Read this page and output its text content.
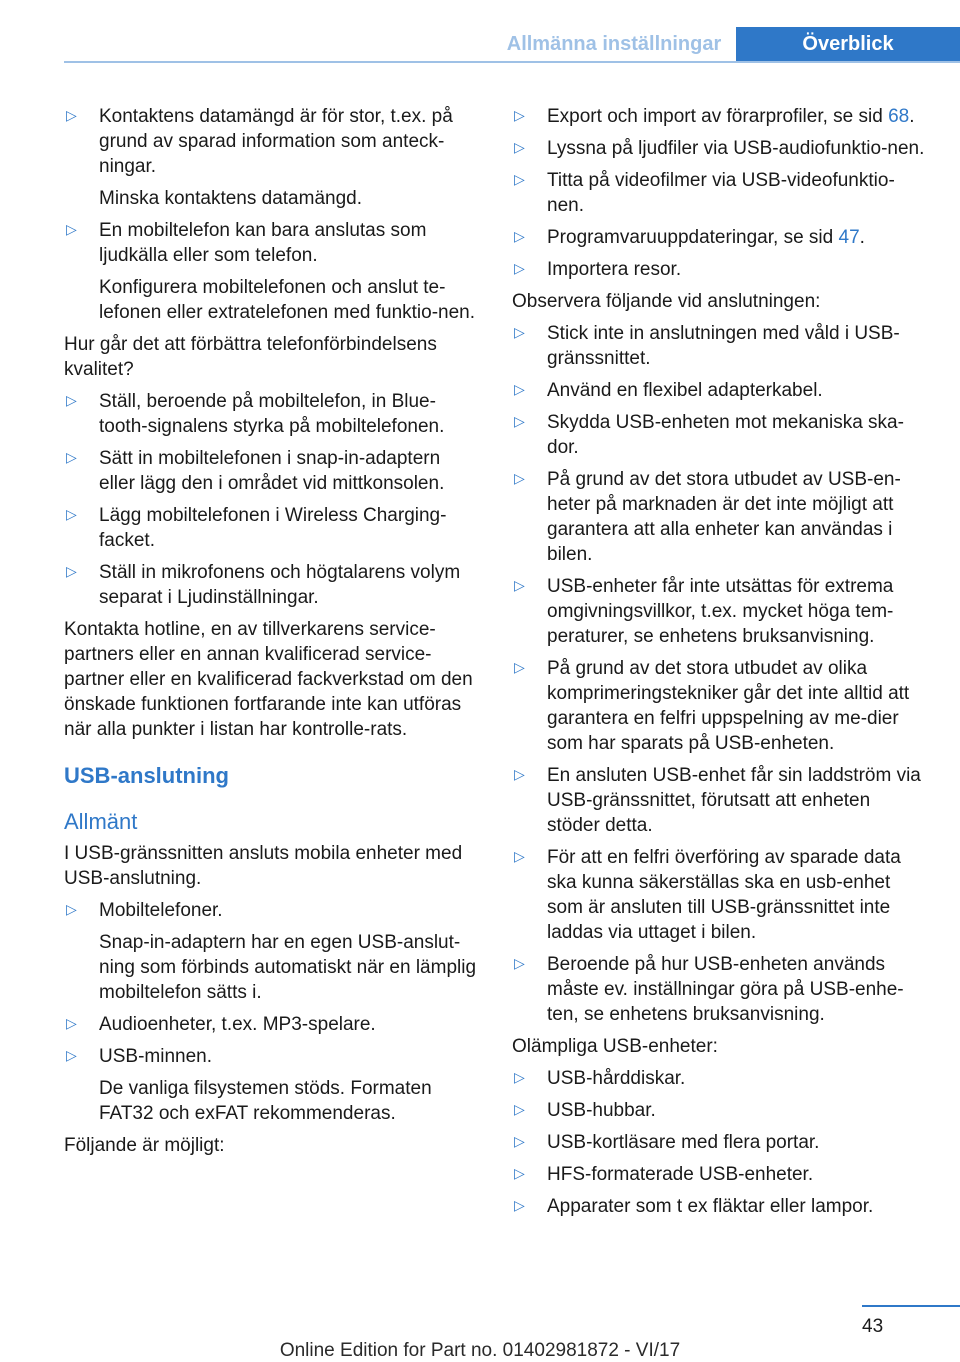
Allmänna inställningar	Överblick
▷ Kontaktens datamängd är för stor, t.ex. på grund av sparad information som anteck‐ningar.
Minska kontaktens datamängd.
▷ En mobiltelefon kan bara anslutas som ljudkälla eller som telefon.
Konfigurera mobiltelefonen och anslut te‐lefonen eller extratelefonen med funktio‐nen.
Hur går det att förbättra telefonförbindelsens kvalitet?
▷ Ställ, beroende på mobiltelefon, in Blue‐tooth-signalens styrka på mobiltelefonen.
▷ Sätt in mobiltelefonen i snap-in-adaptern eller lägg den i området vid mittkonsolen.
▷ Lägg mobiltelefonen i Wireless Charging-facket.
▷ Ställ in mikrofonens och högtalarens volym separat i Ljudinställningar.
Kontakta hotline, en av tillverkarens service-partners eller en annan kvalificerad service-partner eller en kvalificerad fackverkstad om den önskade funktionen fortfarande inte kan utföras när alla punkter i listan har kontrolle‐rats.
USB-anslutning
Allmänt
I USB-gränssnitten ansluts mobila enheter med USB-anslutning.
▷ Mobiltelefoner.
Snap-in-adaptern har en egen USB-anslut‐ning som förbinds automatiskt när en lämplig mobiltelefon sätts i.
▷ Audioenheter, t.ex. MP3-spelare.
▷ USB-minnen.
De vanliga filsystemen stöds. Formaten FAT32 och exFAT rekommenderas.
Följande är möjligt:
▷ Export och import av förarprofiler, se sid 68.
▷ Lyssna på ljudfiler via USB-audiofunktio‐nen.
▷ Titta på videofilmer via USB-videofunktio‐nen.
▷ Programvaruuppdateringar, se sid 47.
▷ Importera resor.
Observera följande vid anslutningen:
▷ Stick inte in anslutningen med våld i USB-gränssnittet.
▷ Använd en flexibel adapterkabel.
▷ Skydda USB-enheten mot mekaniska ska‐dor.
▷ På grund av det stora utbudet av USB-en‐heter på marknaden är det inte möjligt att garantera att alla enheter kan användas i bilen.
▷ USB-enheter får inte utsättas för extrema omgivningsvillkor, t.ex. mycket höga tem‐peraturer, se enhetens bruksanvisning.
▷ På grund av det stora utbudet av olika komprimeringstekniker går det inte alltid att garantera en felfri uppspelning av me‐dier som har sparats på USB-enheten.
▷ En ansluten USB-enhet får sin laddström via USB-gränssnittet, förutsatt att enheten stöder detta.
▷ För att en felfri överföring av sparade data ska kunna säkerställas ska en usb-enhet som är ansluten till USB-gränssnittet inte laddas via uttaget i bilen.
▷ Beroende på hur USB-enheten används måste ev. inställningar göra på USB-enhe‐ten, se enhetens bruksanvisning.
Olämpliga USB-enheter:
▷ USB-hårddiskar.
▷ USB-hubbar.
▷ USB-kortläsare med flera portar.
▷ HFS-formaterade USB-enheter.
▷ Apparater som t ex fläktar eller lampor.
43
Online Edition for Part no. 01402981872 - VI/17
